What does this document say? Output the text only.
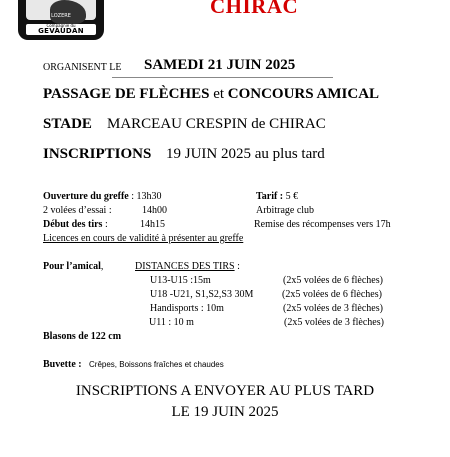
LOZERE
Compagnie du
GEVAUDAN
CHIRAC
ORGANISENT LE SAMEDI 21 JUIN 2025
PASSAGE DE FLÈCHES et CONCOURS AMICAL
STADE MARCEAU CRESPIN de CHIRAC
INSCRIPTIONS 19 JUIN 2025 au plus tard
Ouverture du greffe : 13h30	Tarif : 5 €
2 volées d’essai :	14h00	Arbitrage club
Début des tirs :	14h15	Remise des récompenses vers 17h
Licences en cours de validité à présenter au greffe
Pour l’amical,	DISTANCES DES TIRS :
U13-U15 :15m	(2x5 volées de 6 flèches)
U18 -U21, S1,S2,S3 30M	(2x5 volées de 6 flèches)
Handisports : 10m	(2x5 volées de 3 flèches)
U11 : 10 m	(2x5 volées de 3 flèches)
Blasons de 122 cm
Buvette : Crêpes, Boissons fraîches et chaudes
INSCRIPTIONS A ENVOYER AU PLUS TARD
LE 19 JUIN 2025
